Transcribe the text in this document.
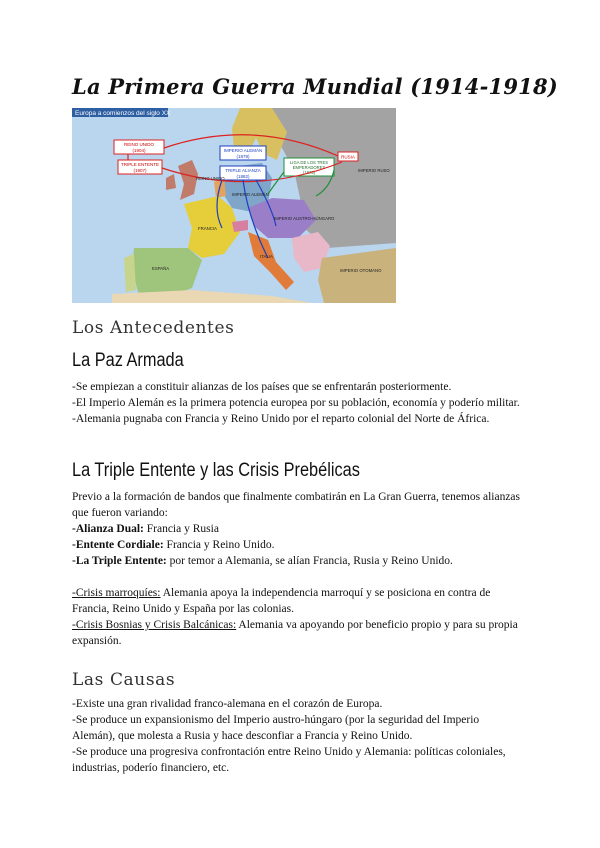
La Primera Guerra Mundial (1914-1918)
Europa a comienzos del siglo XX
REINO UNIDO
(1904)
TRIPLE ENTENTE
(1907)
IMPERIO ALEMÁN
(1879)
TRIPLE ALIANZA
(1882)
LIGA DE LOS TRES
EMPERADORES
(1873)
RUSIA
REINO UNIDO
FRANCIA
ESPAÑA
IMPERIO ALEMÁN
IMPERIO AUSTRO-HÚNGARO
ITALIA
IMPERIO RUSO
IMPERIO OTOMANO
Los Antecedentes
La Paz Armada

-Se empiezan a constituir alianzas de los países que se enfrentarán posteriormente.

-El Imperio Alemán es la primera potencia europea por su población, economía y poderío militar.

-Alemania pugnaba con Francia y Reino Unido por el reparto colonial del Norte de África.

La Triple Entente y las Crisis Prebélicas

Previo a la formación de bandos que finalmente combatirán en La Gran Guerra, tenemos alianzas que fueron variando:

-Alianza Dual: Francia y Rusia

-Entente Cordiale: Francia y Reino Unido.

-La Triple Entente: por temor a Alemania, se alían Francia, Rusia y Reino Unido.

-Crisis marroquíes: Alemania apoya la independencia marroquí y se posiciona en contra de Francia, Reino Unido y España por las colonias.

-Crisis Bosnias y Crisis Balcánicas: Alemania va apoyando por beneficio propio y para su propia expansión.

Las Causas

-Existe una gran rivalidad franco-alemana en el corazón de Europa.

-Se produce un expansionismo del Imperio austro-húngaro (por la seguridad del Imperio Alemán), que molesta a Rusia y hace desconfiar a Francia y Reino Unido.

-Se produce una progresiva confrontación entre Reino Unido y Alemania: políticas coloniales, industrias, poderío financiero, etc.
